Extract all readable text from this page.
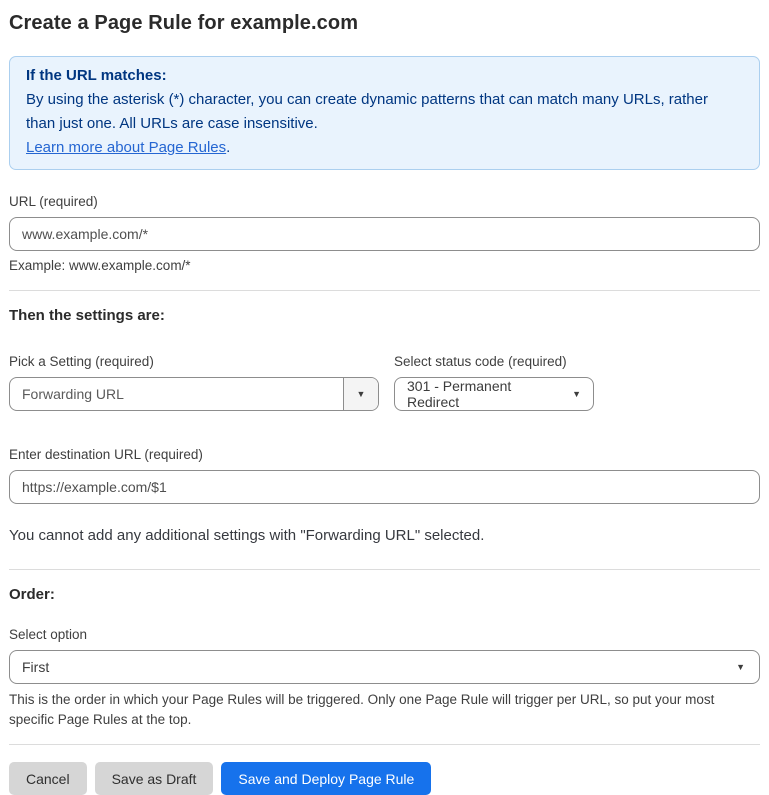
Create a Page Rule for example.com
If the URL matches:
By using the asterisk (*) character, you can create dynamic patterns that can match many URLs, rather than just one. All URLs are case insensitive.
Learn more about Page Rules.
URL (required)
www.example.com/*
Example: www.example.com/*
Then the settings are:
Pick a Setting (required)
Forwarding URL	▼
Select status code (required)
301 - Permanent Redirect
▼
Enter destination URL (required)
https://example.com/$1
You cannot add any additional settings with "Forwarding URL" selected.
Order:
Select option
First	▼
This is the order in which your Page Rules will be triggered. Only one Page Rule will trigger per URL, so put your most specific Page Rules at the top.
Cancel	Save as Draft	Save and Deploy Page Rule
